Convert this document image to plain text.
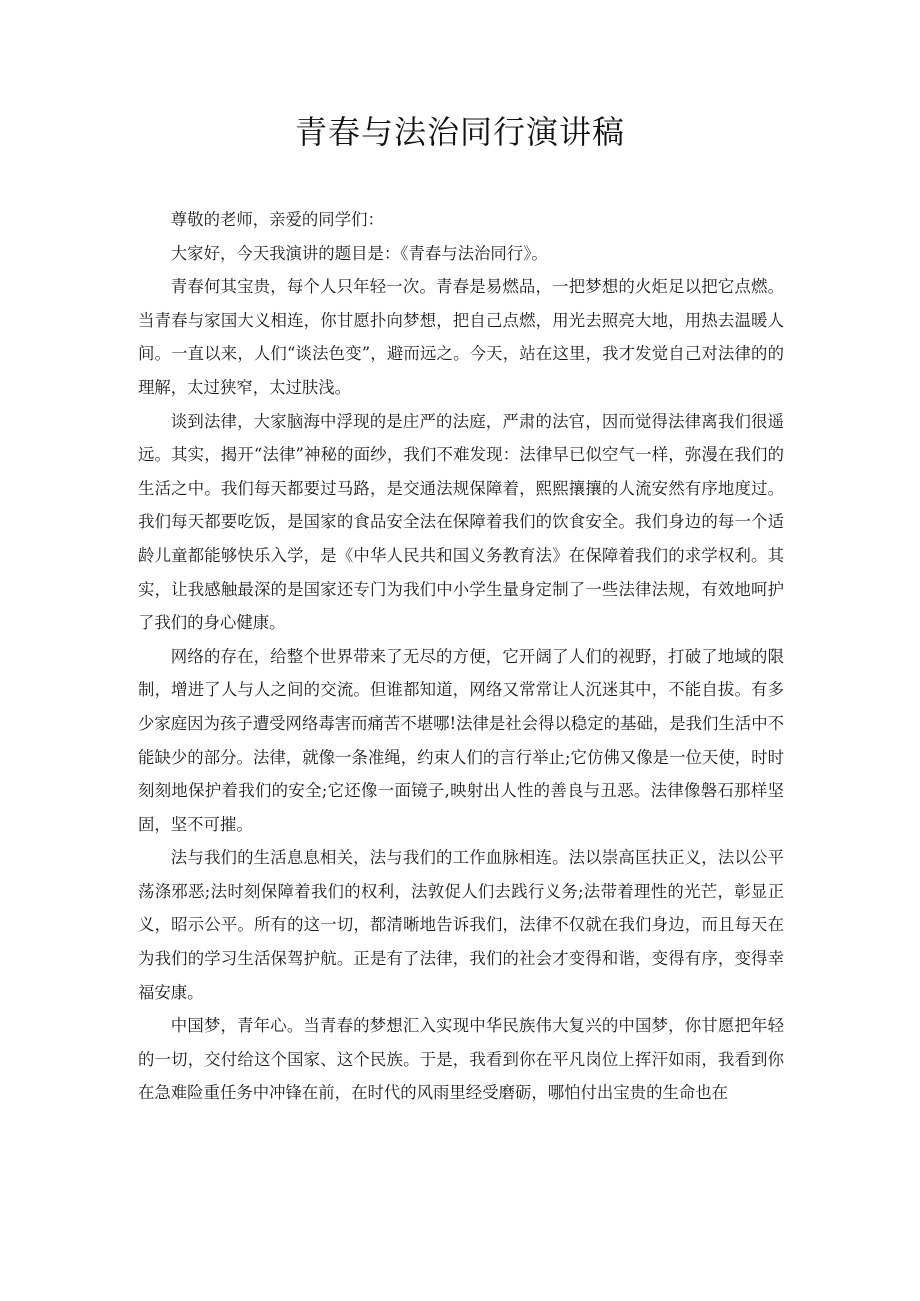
青春与法治同行演讲稿

尊敬的老师，亲爱的同学们：

大家好，今天我演讲的题目是：《青春与法治同行》。

青春何其宝贵，每个人只年轻一次。青春是易燃品，一把梦想的火炬足以把它点燃。当青春与家国大义相连，你甘愿扑向梦想，把自己点燃，用光去照亮大地，用热去温暖人间。一直以来，人们“谈法色变”，避而远之。今天，站在这里，我才发觉自己对法律的的理解，太过狭窄，太过肤浅。

谈到法律，大家脑海中浮现的是庄严的法庭，严肃的法官，因而觉得法律离我们很遥远。其实，揭开“法律”神秘的面纱，我们不难发现：法律早已似空气一样，弥漫在我们的生活之中。我们每天都要过马路，是交通法规保障着，熙熙攘攘的人流安然有序地度过。我们每天都要吃饭，是国家的食品安全法在保障着我们的饮食安全。我们身边的每一个适龄儿童都能够快乐入学，是《中华人民共和国义务教育法》在保障着我们的求学权利。其实，让我感触最深的是国家还专门为我们中小学生量身定制了一些法律法规，有效地呵护了我们的身心健康。

网络的存在，给整个世界带来了无尽的方便，它开阔了人们的视野，打破了地域的限制，增进了人与人之间的交流。但谁都知道，网络又常常让人沉迷其中，不能自拔。有多少家庭因为孩子遭受网络毒害而痛苦不堪哪!法律是社会得以稳定的基础，是我们生活中不能缺少的部分。法律，就像一条准绳，约束人们的言行举止;它仿佛又像是一位天使，时时刻刻地保护着我们的安全;它还像一面镜子,映射出人性的善良与丑恶。法律像磐石那样坚固，坚不可摧。

法与我们的生活息息相关，法与我们的工作血脉相连。法以崇高匡扶正义，法以公平荡涤邪恶;法时刻保障着我们的权利，法敦促人们去践行义务;法带着理性的光芒，彰显正义，昭示公平。所有的这一切，都清晰地告诉我们，法律不仅就在我们身边，而且每天在为我们的学习生活保驾护航。正是有了法律，我们的社会才变得和谐，变得有序，变得幸福安康。

中国梦，青年心。当青春的梦想汇入实现中华民族伟大复兴的中国梦，你甘愿把年轻的一切，交付给这个国家、这个民族。于是，我看到你在平凡岗位上挥汗如雨，我看到你在急难险重任务中冲锋在前，在时代的风雨里经受磨砺，哪怕付出宝贵的生命也在
